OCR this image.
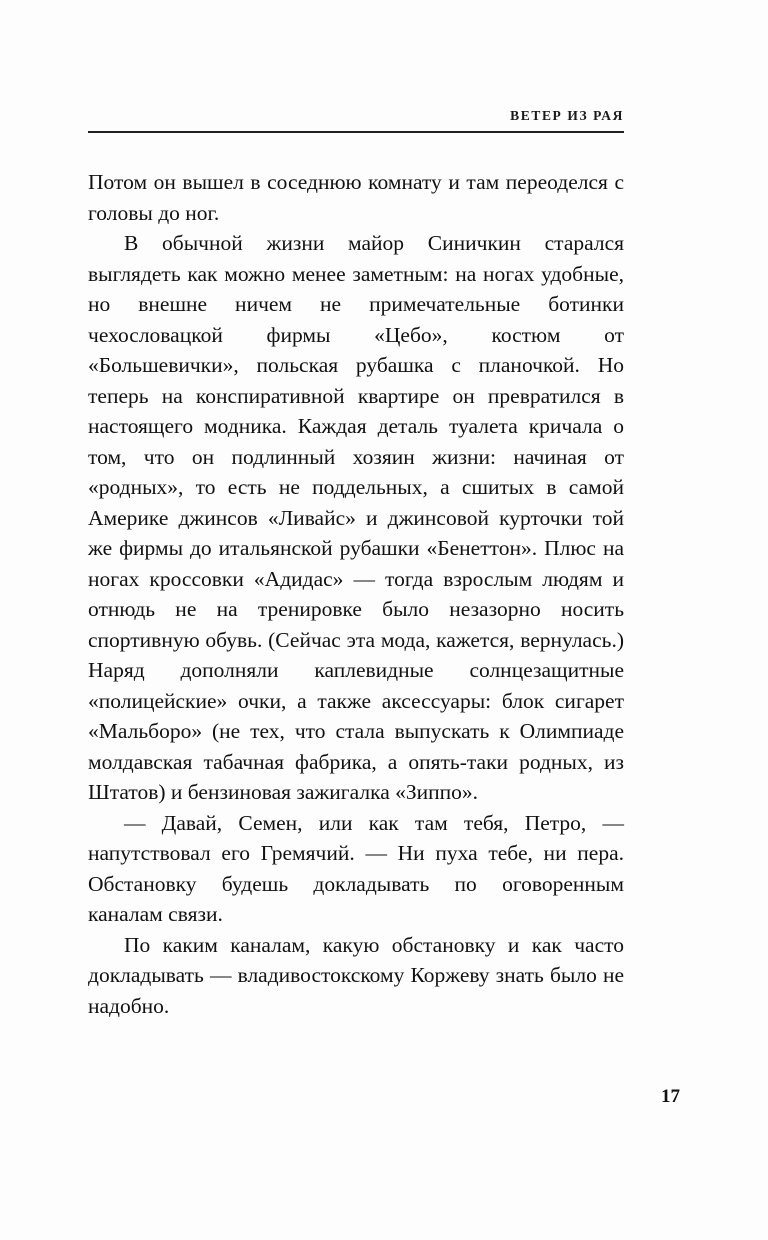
ВЕТЕР ИЗ РАЯ

Потом он вышел в соседнюю комнату и там переоделся с головы до ног.

В обычной жизни майор Синичкин старался выглядеть как можно менее заметным: на ногах удобные, но внешне ничем не примечательные ботинки чехословацкой фирмы «Цебо», костюм от «Большевички», польская рубашка с планочкой. Но теперь на конспиративной квартире он превратился в настоящего модника. Каждая деталь туалета кричала о том, что он подлинный хозяин жизни: начиная от «родных», то есть не поддельных, а сшитых в самой Америке джинсов «Ливайс» и джинсовой курточки той же фирмы до итальянской рубашки «Бенеттон». Плюс на ногах кроссовки «Адидас» — тогда взрослым людям и отнюдь не на тренировке было незазорно носить спортивную обувь. (Сейчас эта мода, кажется, вернулась.) Наряд дополняли каплевидные солнцезащитные «полицейские» очки, а также аксессуары: блок сигарет «Мальборо» (не тех, что стала выпускать к Олимпиаде молдавская табачная фабрика, а опять-таки родных, из Штатов) и бензиновая зажигалка «Зиппо».

— Давай, Семен, или как там тебя, Петро, — напутствовал его Гремячий. — Ни пуха тебе, ни пера. Обстановку будешь докладывать по оговоренным каналам связи.

По каким каналам, какую обстановку и как часто докладывать — владивостокскому Коржеву знать было не надобно.

17
